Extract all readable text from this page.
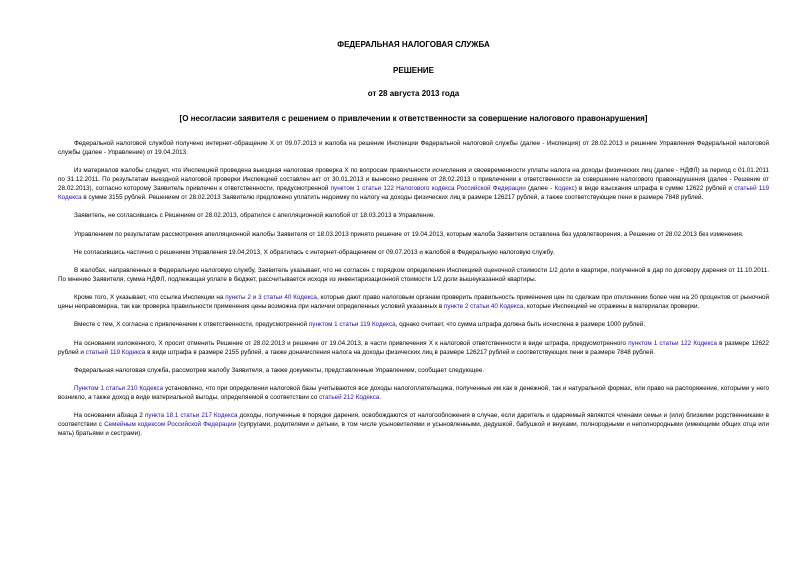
ФЕДЕРАЛЬНАЯ НАЛОГОВАЯ СЛУЖБА
РЕШЕНИЕ
от 28 августа 2013 года
[О несогласии заявителя с решением о привлечении к ответственности за совершение налогового правонарушения]

Федеральной налоговой службой получено интернет-обращение X от 09.07.2013 и жалоба на решение Инспекции Федеральной налоговой службы (далее - Инспекция) от 28.02.2013 и решение Управления Федеральной налоговой службы (далее - Управление) от 19.04.2013.

Из материалов жалобы следует, что Инспекцией проведена выездная налоговая проверка X по вопросам правильности исчисления и своевременности уплаты налога на доходы физических лиц (далее - НДФЛ) за период с 01.01.2011 по 31.12.2011. По результатам выездной налоговой проверки Инспекцией составлен акт от 30.01.2013 и вынесено решение от 28.02.2013 о привлечении к ответственности за совершение налогового правонарушения (далее - Решение от 28.02.2013), согласно которому Заявитель привлечен к ответственности, предусмотренной пунктом 1 статьи 122 Налогового кодекса Российской Федерации (далее - Кодекс) в виде взыскания штрафа в сумме 12622 рублей и статьей 119 Кодекса в сумме 3155 рублей. Решением от 28.02.2013 Заявителю предложено уплатить недоимку по налогу на доходы физических лиц в размере 126217 рублей, а также соответствующие пени в размере 7848 рублей.

Заявитель, не согласившись с Решением от 28.02.2013, обратился с апелляционной жалобой от 18.03.2013 в Управление.

Управлением по результатам рассмотрения апелляционной жалобы Заявителя от 18.03.2013 принято решение от 19.04.2013, которым жалоба Заявителя оставлена без удовлетворения, а Решение от 28.02.2013 без изменения.

Не согласившись частично с решением Управления 19.04,2013, X обратилась с интернет-обращением от 09.07.2013 и жалобой в Федеральную налоговую службу.

В жалобах, направленных в Федеральную налоговую службу, Заявитель указывает, что не согласен с порядком определения Инспекцией оценочной стоимости 1/2 доли в квартире, полученной в дар по договору дарения от 11.10.2011. По мнению Заявителя, сумма НДФЛ, подлежащая уплате в бюджет, рассчитывается исходя из инвентаризационной стоимости 1/2 доли вышеуказанной квартиры.

Кроме того, X указывает, что ссылка Инспекции на пункты 2 и 3 статьи 40 Кодекса, которые дают право налоговым органам проверить правильность применения цен по сделкам при отклонении более чем на 20 процентов от рыночной цены неправомерна, так как проверка правильности применения цены возможна при наличии определенных условий указанных в пункте 2 статьи 40 Кодекса, которые Инспекцией не отражены в материалах проверки.

Вместе с тем, X согласна с привлечением к ответственности, предусмотренной пунктом 1 статьи 119 Кодекса, однако считает, что сумма штрафа должна быть исчислена в размере 1000 рублей.

На основании изложенного, X просит отменить Решение от 28.02.2013 и решение от 19.04.2013, в части привлечения X к налоговой ответственности в виде штрафа, предусмотренного пунктом 1 статьи 122 Кодекса в размере 12622 рублей и статьей 119 Кодекса в виде штрафа в размере 2155 рублей, а также доначисления налога на доходы физических лиц в размере 126217 рублей и соответствующих пени в размере 7848 рублей.

Федеральная налоговая служба, рассмотрев жалобу Заявителя, а также документы, представленные Управлением, сообщает следующее.

Пунктом 1 статьи 210 Кодекса установлено, что при определении налоговой базы учитываются все доходы налогоплательщика, полученные им как в денежной, так и натуральной формах, или право на распоряжение, которыми у него возникло, а также доход в виде материальной выгоды, определяемой в соответствии со статьей 212 Кодекса.

На основании абзаца 2 пункта 18.1 статьи 217 Кодекса доходы, полученные в порядке дарения, освобождаются от налогообложения в случае, если даритель и одаряемый являются членами семьи и (или) близкими родственниками в соответствии с Семейным кодексом Российской Федерации (супругами, родителями и детьми, в том числе усыновителями и усыновленными, дедушкой, бабушкой и внуками, полнородными и неполнородными (имеющими общих отца или мать) братьями и сестрами).
